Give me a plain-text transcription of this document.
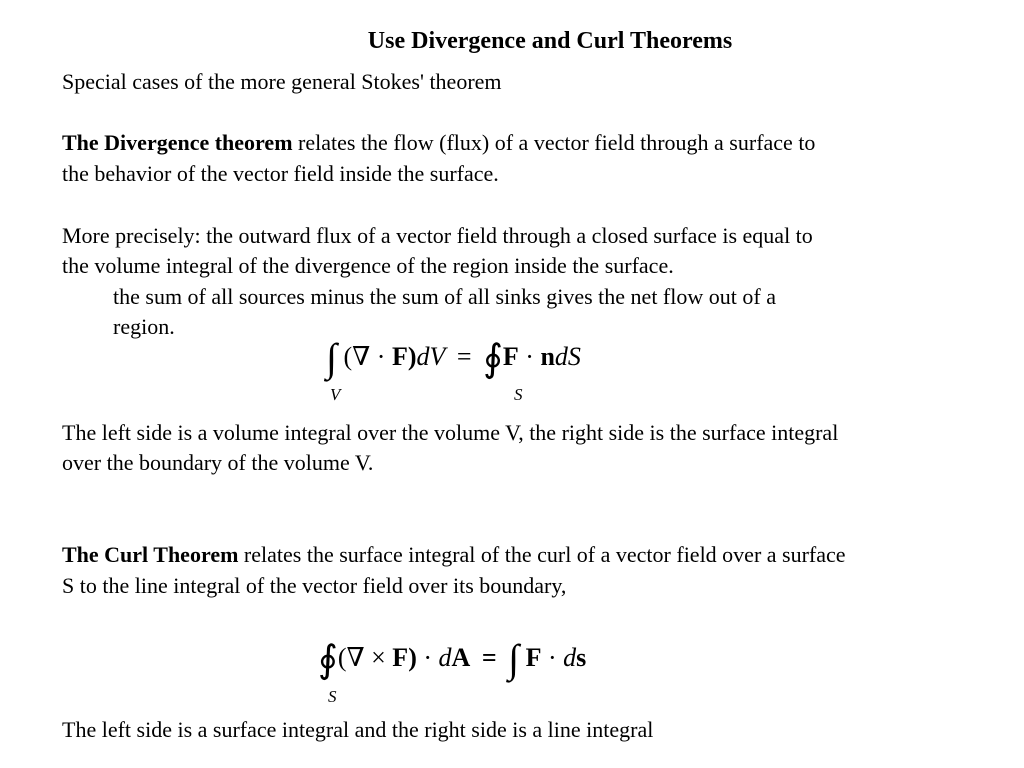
Use Divergence and Curl Theorems
Special cases of the more general Stokes' theorem
The Divergence theorem relates the flow (flux) of a vector field through a surface to
the behavior of the vector field inside the surface.
More precisely: the outward flux of a vector field through a closed surface is equal to
the volume integral of the divergence of the region inside the surface.
the sum of all sources minus the sum of all sinks gives the net flow out of a
region.
∫ (∇ · F)dV = ∮F · ndS
V	S
The left side is a volume integral over the volume V, the right side is the surface integral
over the boundary of the volume V.
The Curl Theorem relates the surface integral of the curl of a vector field over a surface
S to the line integral of the vector field over its boundary,
∮(∇ × F) · dA = ∫ F · ds
S
The left side is a surface integral and the right side is a line integral
